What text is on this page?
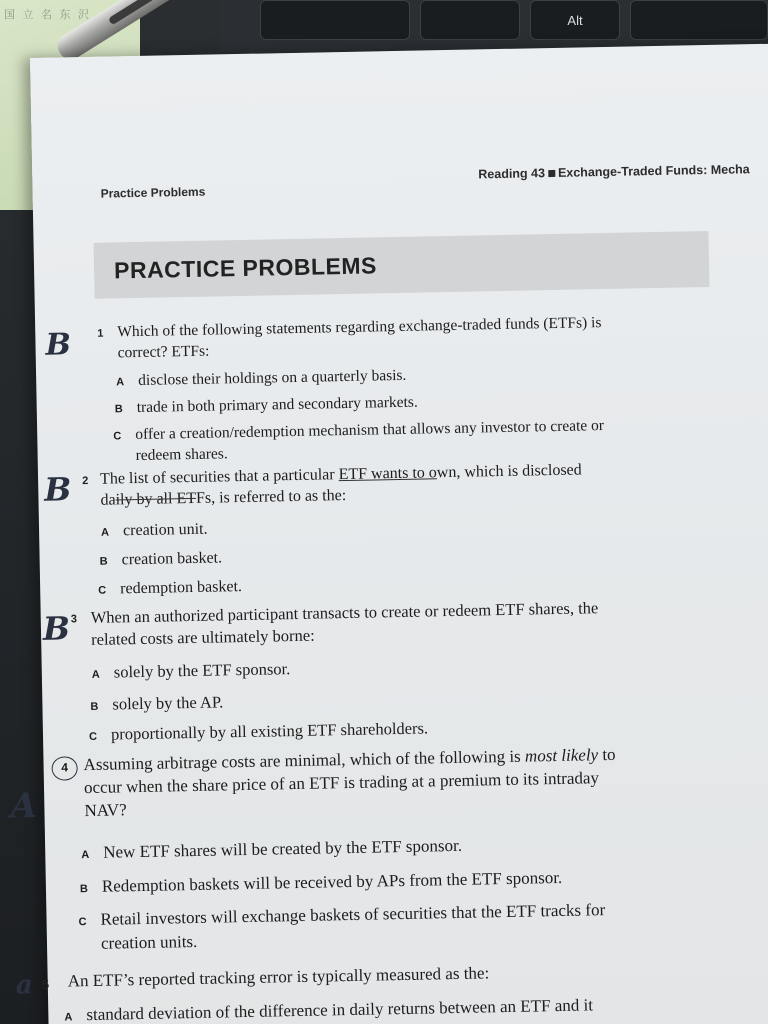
Alt
国 立 名 东 沢
Practice Problems
Reading 43 Exchange-Traded Funds: Mecha
PRACTICE PROBLEMS
B 1 Which of the following statements regarding exchange-traded funds (ETFs) is
correct? ETFs:
A disclose their holdings on a quarterly basis.
B trade in both primary and secondary markets.
C offer a creation/redemption mechanism that allows any investor to create or
redeem shares.
B 2 The list of securities that a particular ETF wants to own, which is disclosed
daily by all ETFs, is referred to as the:
A creation unit.
B creation basket.
C redemption basket.
B 3 When an authorized participant transacts to create or redeem ETF shares, the
related costs are ultimately borne:
A solely by the ETF sponsor.
B solely by the AP.
C proportionally by all existing ETF shareholders.
A
4 Assuming arbitrage costs are minimal, which of the following is most likely to
occur when the share price of an ETF is trading at a premium to its intraday
NAV?
A New ETF shares will be created by the ETF sponsor.
B Redemption baskets will be received by APs from the ETF sponsor.
C Retail investors will exchange baskets of securities that the ETF tracks for
creation units.
a 5 An ETF’s reported tracking error is typically measured as the:
A standard deviation of the difference in daily returns between an ETF and it
